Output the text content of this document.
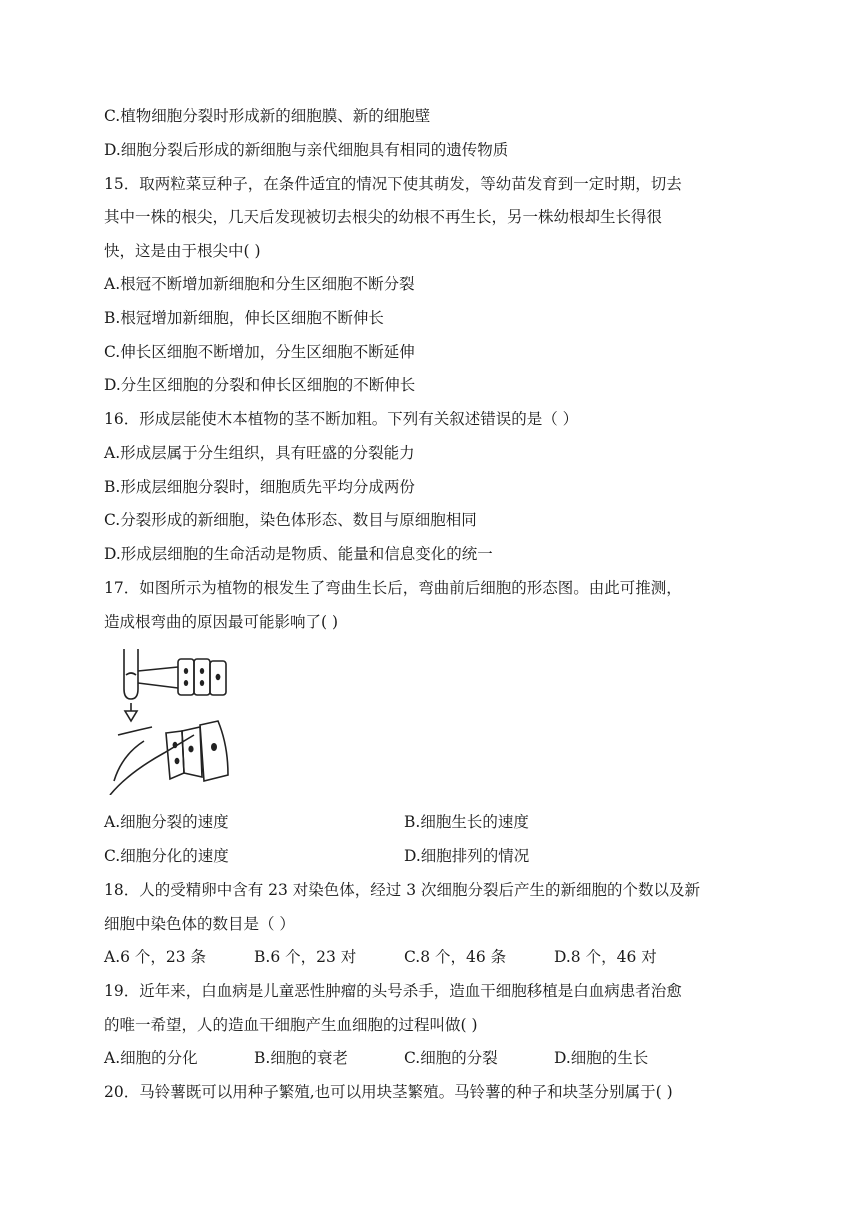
C.植物细胞分裂时形成新的细胞膜、新的细胞壁
D.细胞分裂后形成的新细胞与亲代细胞具有相同的遗传物质
15．取两粒菜豆种子，在条件适宜的情况下使其萌发，等幼苗发育到一定时期，切去
其中一株的根尖，几天后发现被切去根尖的幼根不再生长，另一株幼根却生长得很
快，这是由于根尖中( )
A.根冠不断增加新细胞和分生区细胞不断分裂
B.根冠增加新细胞，伸长区细胞不断伸长
C.伸长区细胞不断增加，分生区细胞不断延伸
D.分生区细胞的分裂和伸长区细胞的不断伸长
16．形成层能使木本植物的茎不断加粗。下列有关叙述错误的是（ ）
A.形成层属于分生组织，具有旺盛的分裂能力
B.形成层细胞分裂时，细胞质先平均分成两份
C.分裂形成的新细胞，染色体形态、数目与原细胞相同
D.形成层细胞的生命活动是物质、能量和信息变化的统一
17．如图所示为植物的根发生了弯曲生长后，弯曲前后细胞的形态图。由此可推测，
造成根弯曲的原因最可能影响了( )
A.细胞分裂的速度	B.细胞生长的速度
C.细胞分化的速度	D.细胞排列的情况
18．人的受精卵中含有 23 对染色体，经过 3 次细胞分裂后产生的新细胞的个数以及新
细胞中染色体的数目是（ ）
A.6 个，23 条	B.6 个，23 对	C.8 个，46 条	D.8 个，46 对
19．近年来，白血病是儿童恶性肿瘤的头号杀手，造血干细胞移植是白血病患者治愈
的唯一希望，人的造血干细胞产生血细胞的过程叫做( )
A.细胞的分化	B.细胞的衰老	C.细胞的分裂	D.细胞的生长
20．马铃薯既可以用种子繁殖,也可以用块茎繁殖。马铃薯的种子和块茎分别属于( )
